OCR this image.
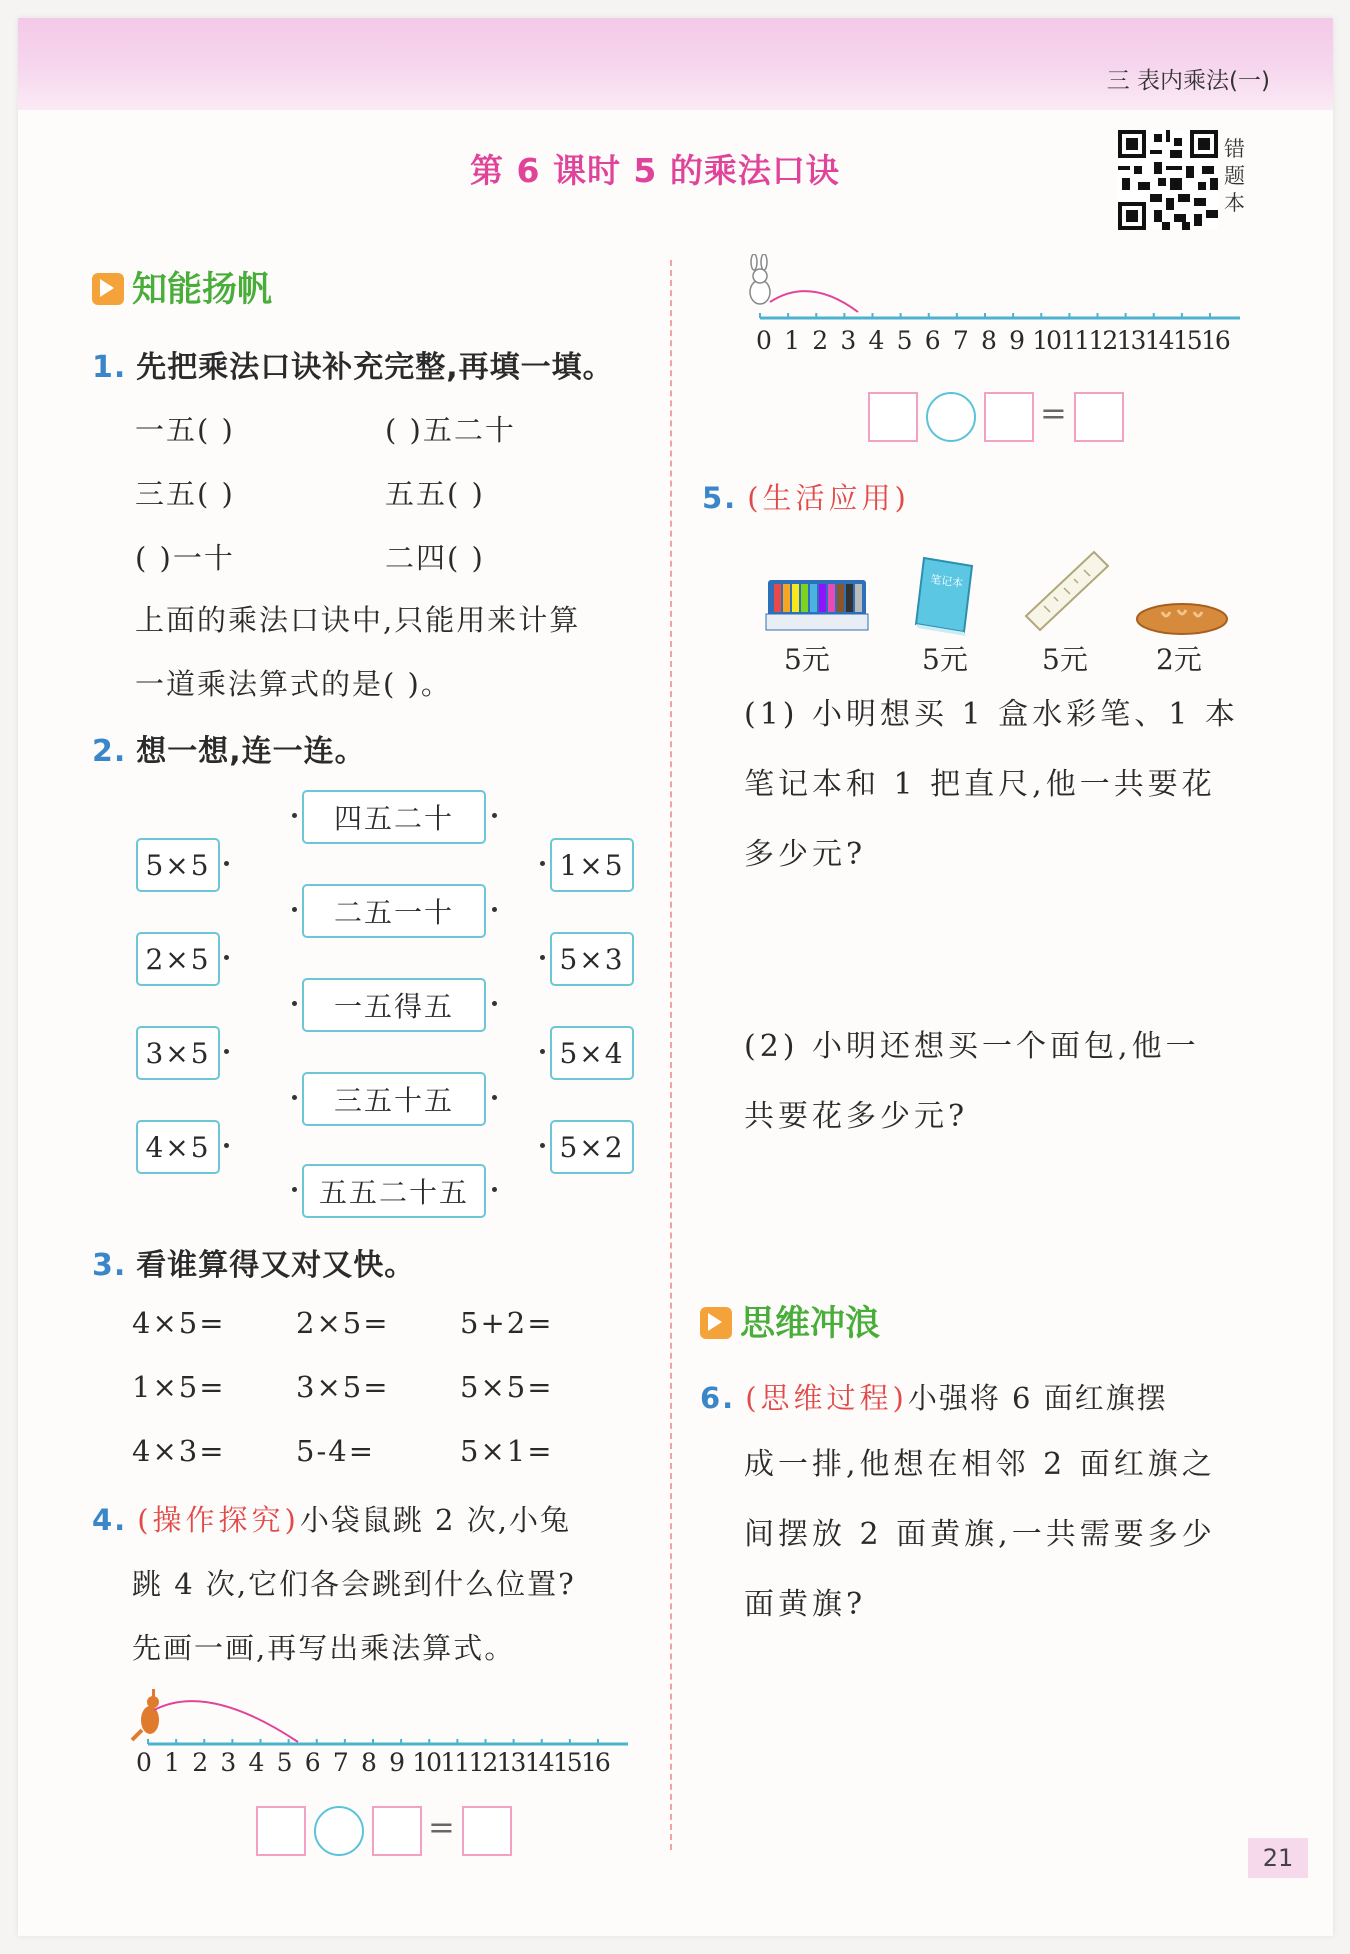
三 表内乘法(一)
第 6 课时 5 的乘法口诀
错
题
本
知能扬帆
1. 先把乘法口诀补充完整,再填一填。
一五( )	( )五二十
三五( )	五五( )
( )一十	二四( )
上面的乘法口诀中,只能用来计算
一道乘法算式的是( )。
2. 想一想,连一连。
5×5
2×5
3×5
4×5
四五二十
二五一十
一五得五
三五十五
五五二十五
1×5
5×3
5×4
5×2
3. 看谁算得又对又快。
4×5= 2×5= 5+2=
1×5= 3×5= 5×5=
4×3= 5-4=	5×1=
4. (操作探究)小袋鼠跳 2 次,小兔
跳 4 次,它们各会跳到什么位置?
先画一画,再写出乘法算式。
0 1 2 3 4 5 6 7 8 9 10 11 12 13 14 15 16
=
0 1 2 3 4 5 6 7 8 9 10 11 12 13 14 15 16
=
5. (生活应用)
笔记本
5元	5元	5元 2元
(1) 小明想买 1 盒水彩笔、1 本
笔记本和 1 把直尺,他一共要花
多少元?
(2) 小明还想买一个面包,他一
共要花多少元?
思维冲浪
6. (思维过程)小强将 6 面红旗摆
成一排,他想在相邻 2 面红旗之
间摆放 2 面黄旗,一共需要多少
面黄旗?
21
